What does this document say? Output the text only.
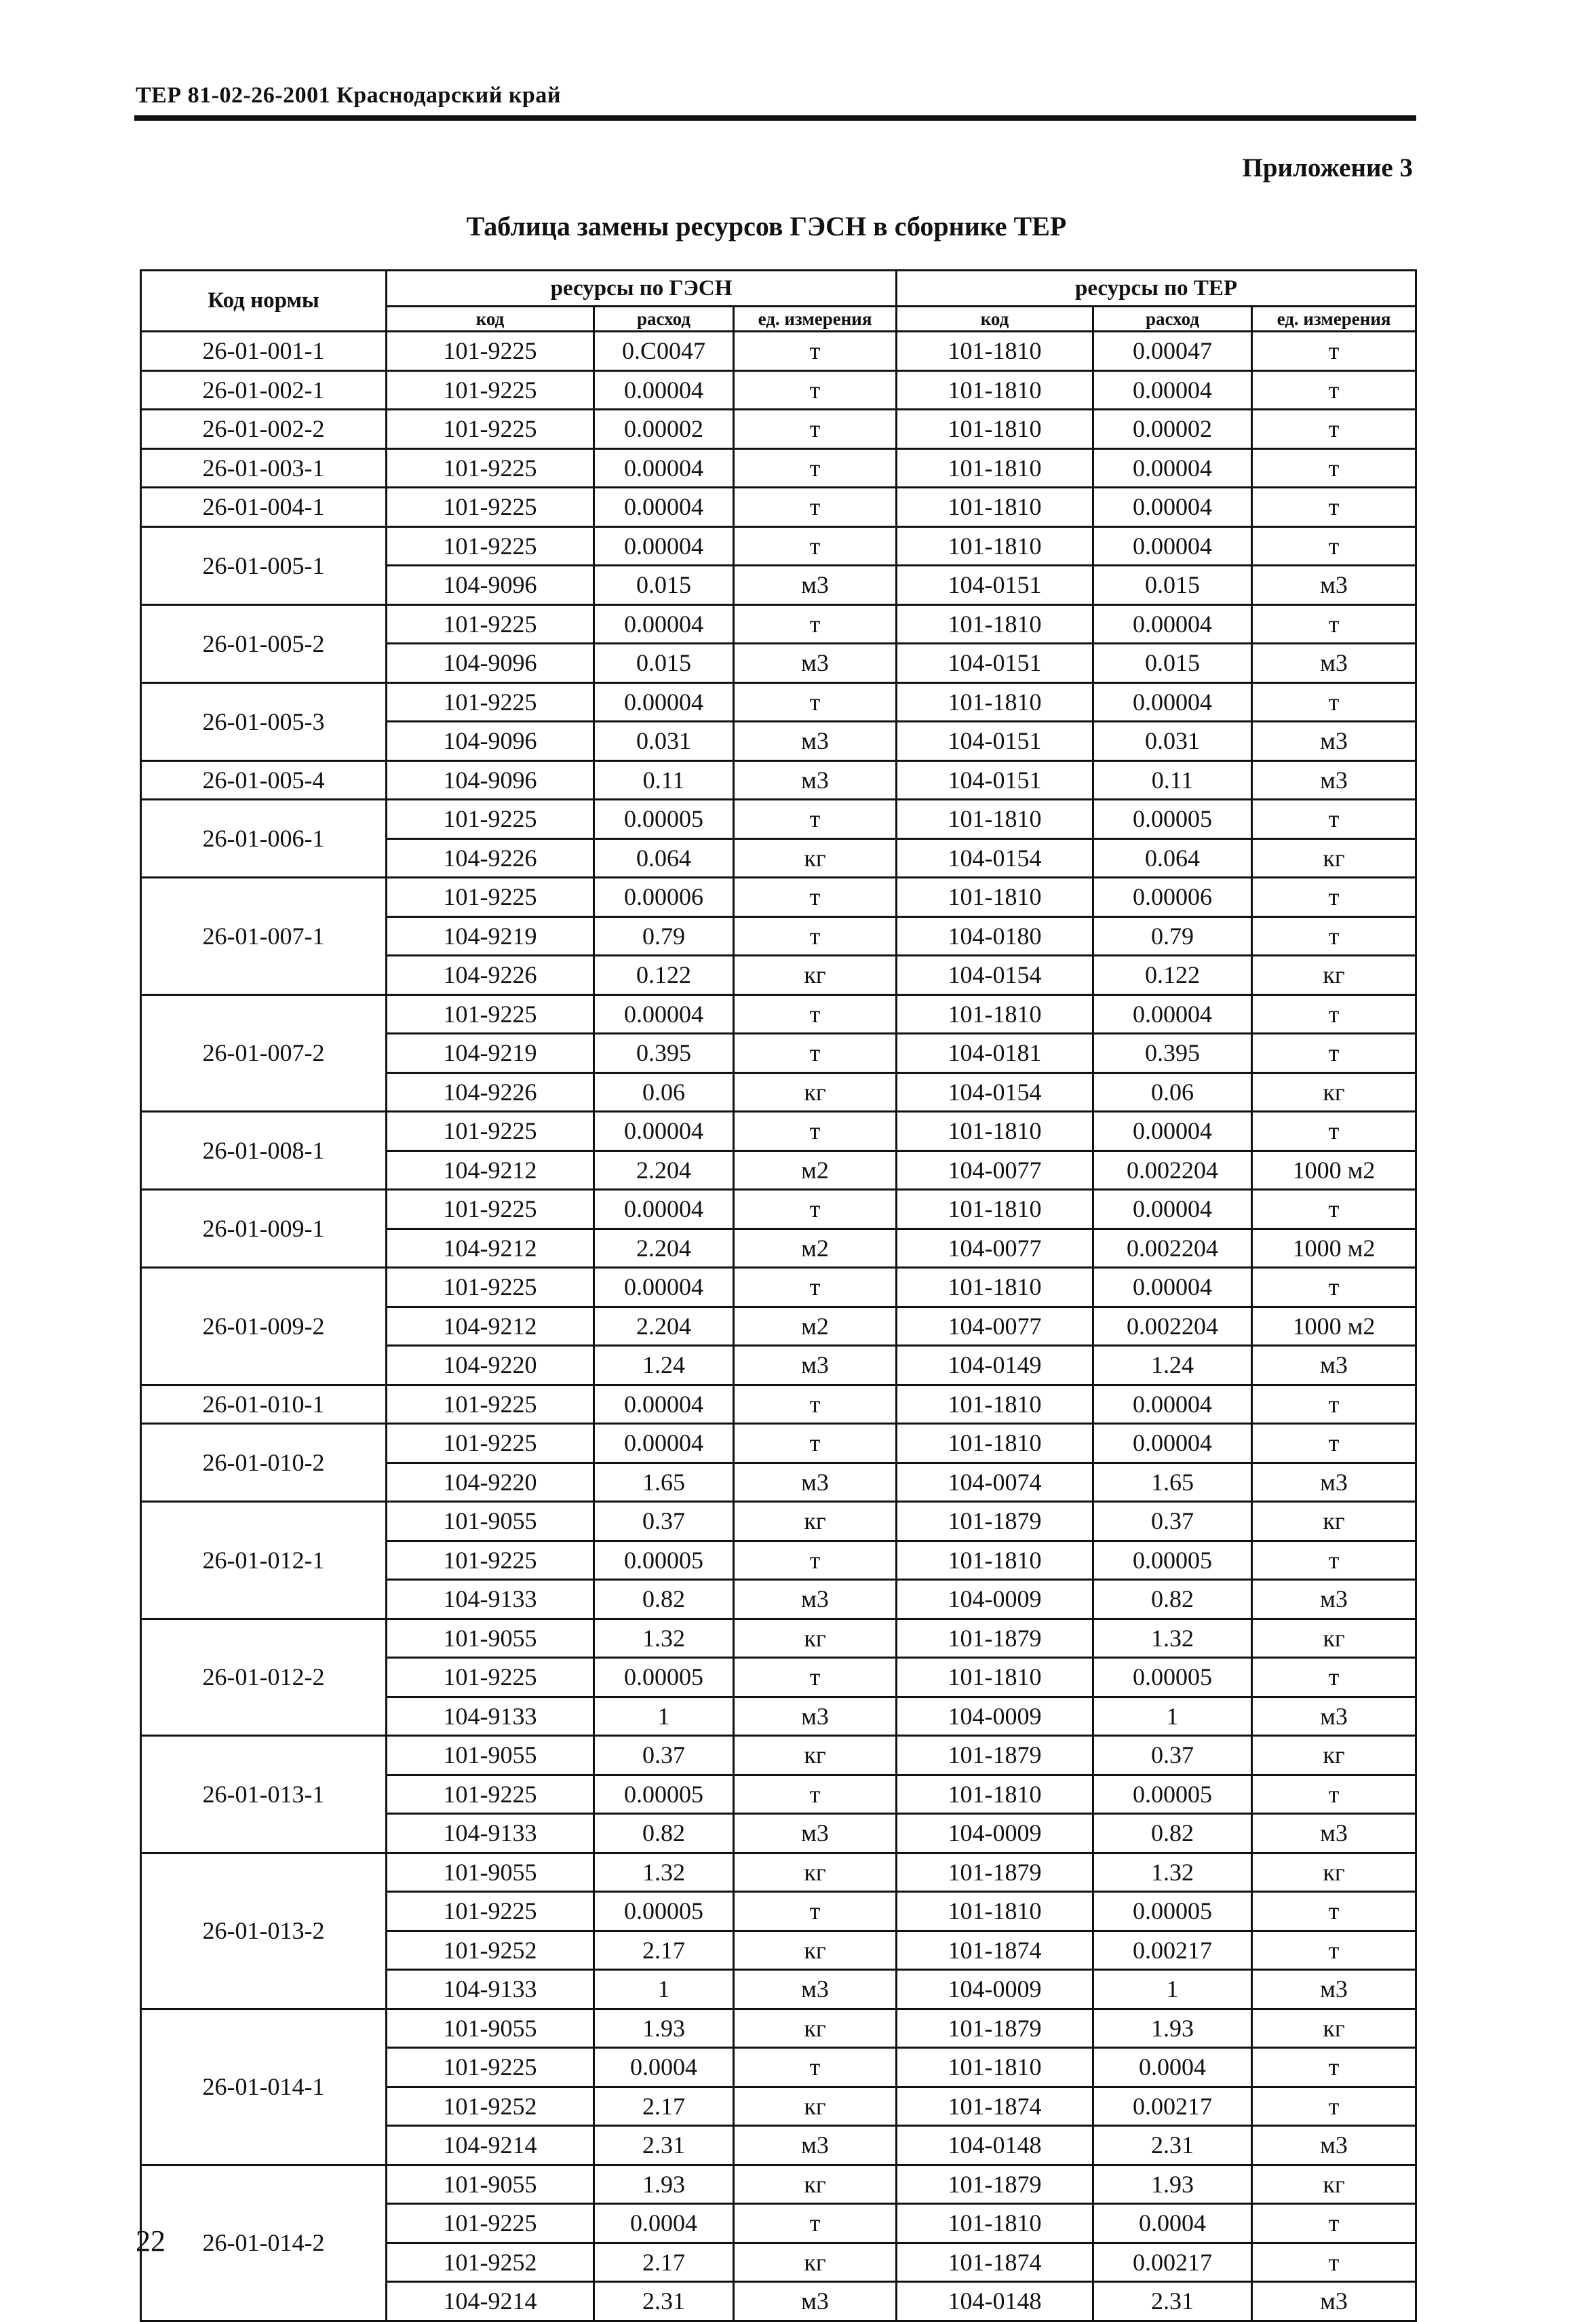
ТЕР 81-02-26-2001 Краснодарский край
Приложение 3
Таблица замены ресурсов ГЭСН в сборнике ТЕР
Код нормы	ресурсы по ГЭСН			ресурсы по ТЕР		
	код	расход	ед. измерения	код	расход	ед. измерения
26-01-001-1	101-9225	0.C0047	т	101-1810	0.00047	т
26-01-002-1	101-9225	0.00004	т	101-1810	0.00004	т
26-01-002-2	101-9225	0.00002	т	101-1810	0.00002	т
26-01-003-1	101-9225	0.00004	т	101-1810	0.00004	т
26-01-004-1	101-9225	0.00004	т	101-1810	0.00004	т
26-01-005-1	101-9225	0.00004	т	101-1810	0.00004	т
	104-9096	0.015	м3	104-0151	0.015	м3
26-01-005-2	101-9225	0.00004	т	101-1810	0.00004	т
	104-9096	0.015	м3	104-0151	0.015	м3
26-01-005-3	101-9225	0.00004	т	101-1810	0.00004	т
	104-9096	0.031	м3	104-0151	0.031	м3
26-01-005-4	104-9096	0.11	м3	104-0151	0.11	м3
26-01-006-1	101-9225	0.00005	т	101-1810	0.00005	т
	104-9226	0.064	кг	104-0154	0.064	кг
26-01-007-1	101-9225	0.00006	т	101-1810	0.00006	т
	104-9219	0.79	т	104-0180	0.79	т
	104-9226	0.122	кг	104-0154	0.122	кг
26-01-007-2	101-9225	0.00004	т	101-1810	0.00004	т
	104-9219	0.395	т	104-0181	0.395	т
	104-9226	0.06	кг	104-0154	0.06	кг
26-01-008-1	101-9225	0.00004	т	101-1810	0.00004	т
	104-9212	2.204	м2	104-0077	0.002204	1000 м2
26-01-009-1	101-9225	0.00004	т	101-1810	0.00004	т
	104-9212	2.204	м2	104-0077	0.002204	1000 м2
26-01-009-2	101-9225	0.00004	т	101-1810	0.00004	т
	104-9212	2.204	м2	104-0077	0.002204	1000 м2
	104-9220	1.24	м3	104-0149	1.24	м3
26-01-010-1	101-9225	0.00004	т	101-1810	0.00004	т
26-01-010-2	101-9225	0.00004	т	101-1810	0.00004	т
	104-9220	1.65	м3	104-0074	1.65	м3
26-01-012-1	101-9055	0.37	кг	101-1879	0.37	кг
	101-9225	0.00005	т	101-1810	0.00005	т
	104-9133	0.82	м3	104-0009	0.82	м3
26-01-012-2	101-9055	1.32	кг	101-1879	1.32	кг
	101-9225	0.00005	т	101-1810	0.00005	т
	104-9133	1	м3	104-0009	1	м3
26-01-013-1	101-9055	0.37	кг	101-1879	0.37	кг
	101-9225	0.00005	т	101-1810	0.00005	т
	104-9133	0.82	м3	104-0009	0.82	м3
26-01-013-2	101-9055	1.32	кг	101-1879	1.32	кг
	101-9225	0.00005	т	101-1810	0.00005	т
	101-9252	2.17	кг	101-1874	0.00217	т
	104-9133	1	м3	104-0009	1	м3
26-01-014-1	101-9055	1.93	кг	101-1879	1.93	кг
	101-9225	0.0004	т	101-1810	0.0004	т
	101-9252	2.17	кг	101-1874	0.00217	т
	104-9214	2.31	м3	104-0148	2.31	м3
26-01-014-2	101-9055	1.93	кг	101-1879	1.93	кг
	101-9225	0.0004	т	101-1810	0.0004	т
	101-9252	2.17	кг	101-1874	0.00217	т
	104-9214	2.31	м3	104-0148	2.31	м3
22
